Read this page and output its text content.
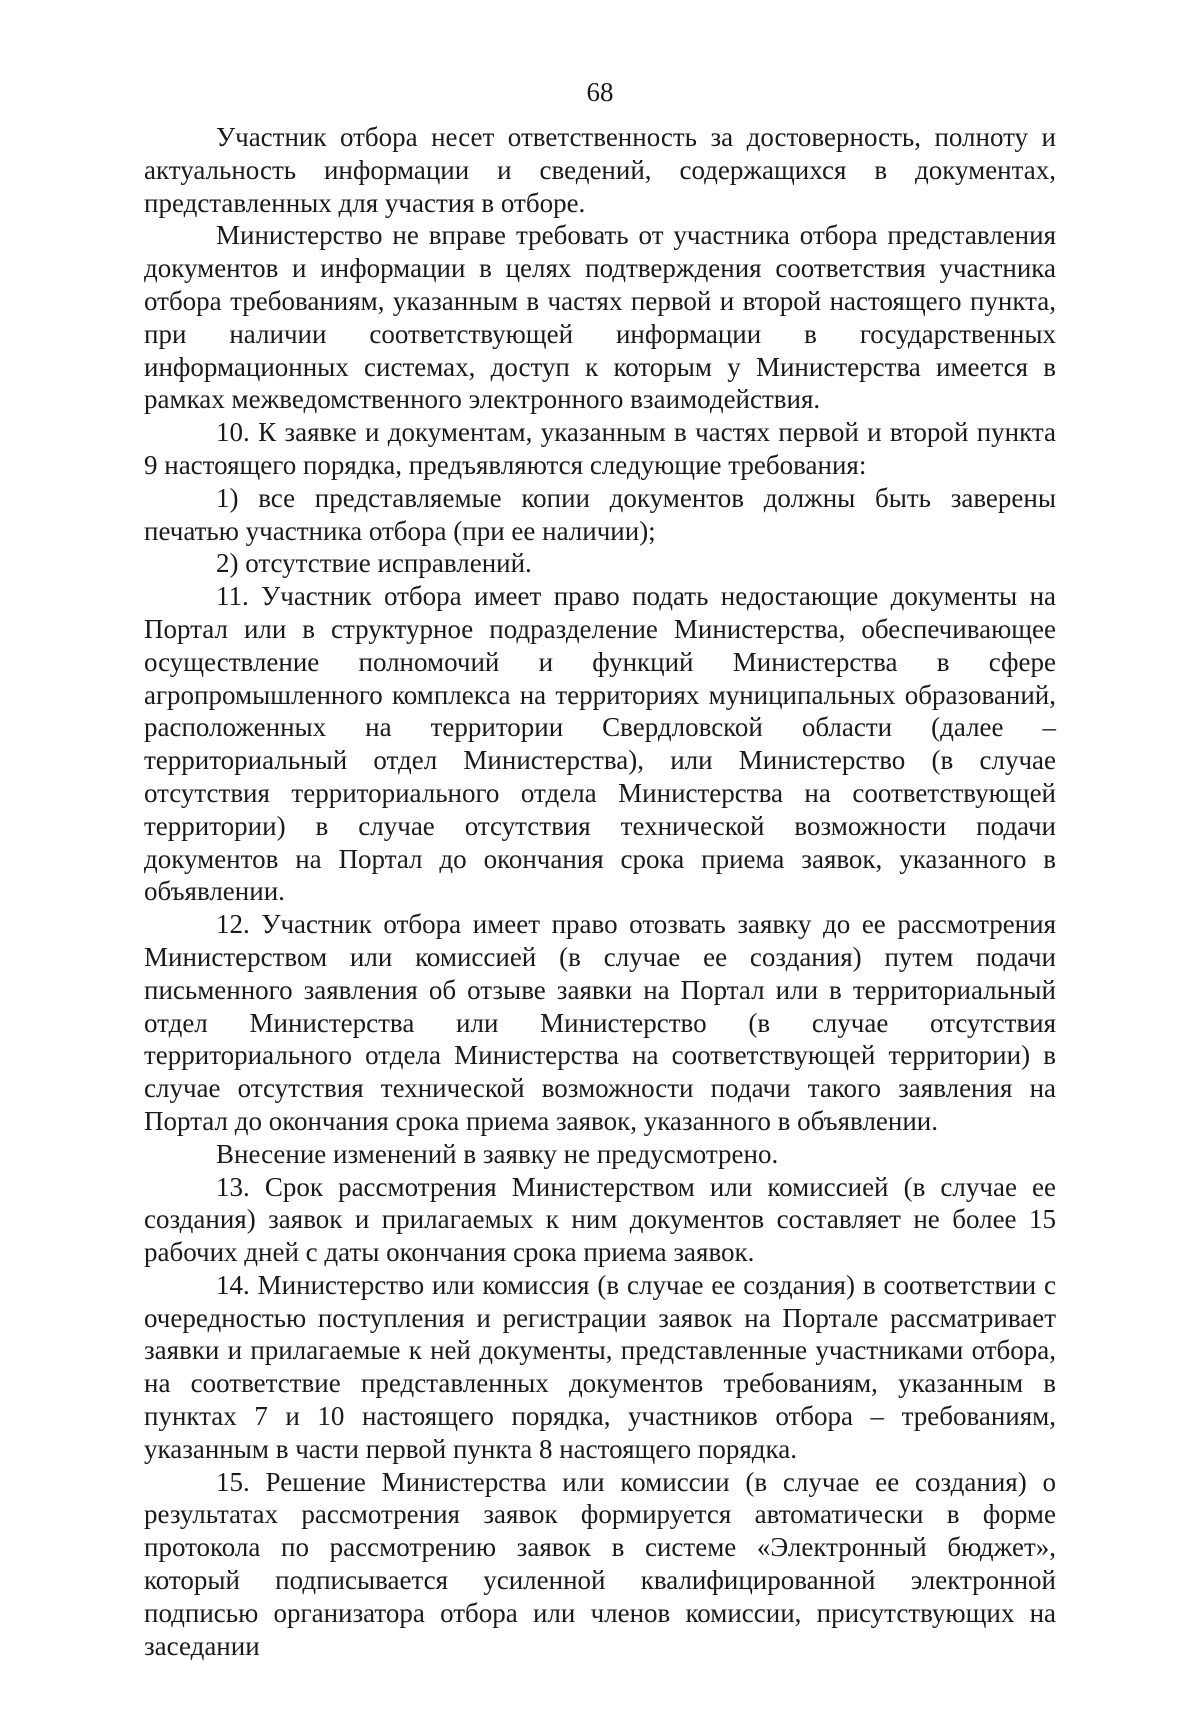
68

Участник отбора несет ответственность за достоверность, полноту и актуальность информации и сведений, содержащихся в документах, представленных для участия в отборе.

Министерство не вправе требовать от участника отбора представления документов и информации в целях подтверждения соответствия участника отбора требованиям, указанным в частях первой и второй настоящего пункта, при наличии соответствующей информации в государственных информационных системах, доступ к которым у Министерства имеется в рамках межведомственного электронного взаимодействия.

10. К заявке и документам, указанным в частях первой и второй пункта 9 настоящего порядка, предъявляются следующие требования:

1) все представляемые копии документов должны быть заверены печатью участника отбора (при ее наличии);

2) отсутствие исправлений.

11. Участник отбора имеет право подать недостающие документы на Портал или в структурное подразделение Министерства, обеспечивающее осуществление полномочий и функций Министерства в сфере агропромышленного комплекса на территориях муниципальных образований, расположенных на территории Свердловской области (далее – территориальный отдел Министерства), или Министерство (в случае отсутствия территориального отдела Министерства на соответствующей территории) в случае отсутствия технической возможности подачи документов на Портал до окончания срока приема заявок, указанного в объявлении.

12. Участник отбора имеет право отозвать заявку до ее рассмотрения Министерством или комиссией (в случае ее создания) путем подачи письменного заявления об отзыве заявки на Портал или в территориальный отдел Министерства или Министерство (в случае отсутствия территориального отдела Министерства на соответствующей территории) в случае отсутствия технической возможности подачи такого заявления на Портал до окончания срока приема заявок, указанного в объявлении.

Внесение изменений в заявку не предусмотрено.

13. Срок рассмотрения Министерством или комиссией (в случае ее создания) заявок и прилагаемых к ним документов составляет не более 15 рабочих дней с даты окончания срока приема заявок.

14. Министерство или комиссия (в случае ее создания) в соответствии с очередностью поступления и регистрации заявок на Портале рассматривает заявки и прилагаемые к ней документы, представленные участниками отбора, на соответствие представленных документов требованиям, указанным в пунктах 7 и 10 настоящего порядка, участников отбора – требованиям, указанным в части первой пункта 8 настоящего порядка.

15. Решение Министерства или комиссии (в случае ее создания) о результатах рассмотрения заявок формируется автоматически в форме протокола по рассмотрению заявок в системе «Электронный бюджет», который подписывается усиленной квалифицированной электронной подписью организатора отбора или членов комиссии, присутствующих на заседании
